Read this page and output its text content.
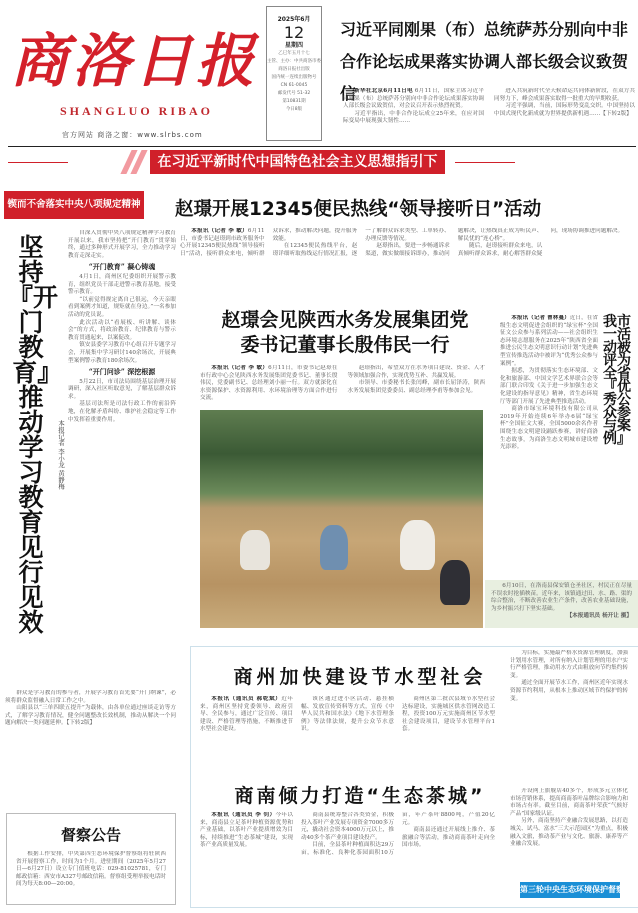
商洛日报
SHANGLUO RIBAO
官方网站 商洛之窗：www.slrbs.com
2025年6月
12
星期四
乙巳年五月十七
主管、主办：中共商洛市委
商洛日报社出版
国内统一连续出版物号
CN 61-0045
邮发代号 51-32
第10831期
今日8版
习近平同刚果（布）总统萨苏分别向中非合作论坛成果落实协调人部长级会议致贺信

新华社北京6月11日电 6月11日，国家主席习近平同刚果（布）总统萨苏分别向中非合作论坛成果落实协调人部长级会议致贺信，对会议召开表示热烈祝贺。

习近平指出，中非合作论坛成立25年来，在应对国际变局中展现强大韧性……

进入共筑新时代全天候命运共同体新阶段，在双方共同努力下，峰会成果落实取得一批重大的早期收获。

习近平强调，当前，国际形势变乱交织。中国坚持以中国式现代化新成就为世界提供新机遇……【下转2版】

在习近平新时代中国特色社会主义思想指引下
锲而不舍落实中央八项规定精神 赵璟开展12345便民热线“领导接听日”活动

本报讯（记者 李 敏）6月11日，市委书记赵璟到市政务服务中心开展12345便民热线“领导接听日”活动，接听群众来电，倾听群众诉求，推动解决问题，提升服务效能。

在12345便民热线平台，赵璟详细听取热线运行情况汇报，逐一了解群众诉求类型、工单转办、办理反馈等情况。

赵璟指出，要进一步畅通诉求渠道，做实做细接诉即办，推动问题解决，让热线真正成为听民声、解民忧的“连心桥”。

随后，赵璟接听群众来电，认真倾听群众诉求，耐心解答群众疑问，现场协调推进问题解决。

坚持『开门教育』推动学习教育见行见效
本报记者 李小龙 黄静梅

自深入贯彻中央八项规定精神学习教育开展以来，我市坚持把“开门教育”贯穿始终，通过多种形式开展学习，全力推动学习教育走深走实。

“开门教育” 凝心铸魂

4月1日，商州区纪委组织开展警示教育，组织党员干部走进警示教育基地，接受警示教育。

“以前觉得规定离自己很远，今天亲眼看到案例才知道，规矩就在身边。”一名参加活动的党员说。

此次活动以“看展板、听讲解、谈体会”的方式，将政治教育、纪律教育与警示教育贯通起来，以案促改。

镇安县委学习教育中心组召开专题学习会，开展集中学习研讨140余场次，开展典型案例警示教育180余场次。

“开门问诊” 深挖根源

5月22日，市司法局围绕基层治理开展调研，深入社区听取意见，了解基层群众诉求。

基层司法所是司法行政工作的前沿阵地，在化解矛盾纠纷、维护社会稳定等工作中发挥着重要作用。

群众是学习教育的参与者，开展学习教育首先要“开门纳谏”，必须将群众监督融入日常工作之中。

山阳县以“三单四联五提升”为载体，由各单位通过座谈走访等方式，了解学习教育情况，健全问题整改长效机制，推动从解决一个问题向解决一类问题延伸。【下转2版】

督察公告

根据工作安排，中央第四生态环境保护督察组将驻陕西省开展督察工作，时间为1个月。进驻期间（2025年5月27日—6月27日）设立专门值班电话：029-81025781，专门邮政信箱：西安市A327号邮政信箱。督察组受理举报电话时间为每天8:00—20:00。

赵璟会见陕西水务发展集团党委书记董事长殷伟民一行

本报讯（记者 李 敏）6月11日，市委书记赵璟在市行政中心会见陕西水务发展集团党委书记、董事长殷伟民，党委副书记、总经理刘小丽一行。双方就深化在水资源保护、水资源利用、水环境治理等方面合作进行交流。

赵璟指出，希望双方在水务项目建设、资金、人才等领域加强合作，实现优势互补、共赢发展。

市领导、市委秘书长张闰峰，副市长屈泽涛，陕西水务发展集团党委委员、副总经理李甫等参加会见。

6月10日，在洛南县保安镇仓圣社区，村民正在尽量不误农时抢插秧苗。近年来，该镇通过田、水、路、渠的综合整治，不断改善农业生产条件，改善农业基础设施，为乡村振兴打下坚实基础。

【本报通讯员 杨开让 摄】

本报讯（记者 曹林蔓）近日，在省级生态文明促进会组织的“绿宝杯”全国征文公众参与系列活动——社会组织生态环境志愿服务在2025年“陕西省全面推进公民生态文明意识行动计划”先进典型宣传推选活动中被评为“优秀公众参与案例”。

据悉，为贯彻落实生态环境部、文化和旅游部、中国文学艺术界联合会等部门联合印发《关于进一步加强生态文化建设的指导意见》精神，省生态环境厅等部门开展了先进典型推选活动。

商洛市绿宝环境科技有限公司从2019年开始连续6年举办6届“绿宝杯”全国征文大赛，全国5000余名作者围绕生态文明建设踊跃参赛，讲好商洛生态故事，为商洛生态文明城市建设增光添彩。

我市一活动被评为全省『优秀公众参与案例』
商州加快建设节水型社会

本报讯（通讯员 郝乾斌）近年来，商州区坚持党委领导、政府引导、全民参与，通过广泛宣传、项目建设、严格管理等措施，不断推进节水型社会建设。

该区通过进小区活动、悬挂横幅、发放宣传资料等方式，宣传《中华人民共和国水法》《地下水管理条例》等法律法规，提升公众节水意识。

商州区第二批次县域节水型社会达标建设，实施城区供水管网改造工程，投资100万元实施商州区节水型社会建设项目，建设节水管理平台1套。

为目标，实施最严格水资源管理制度，加强计划用水管理，对所有纳入计划管理的用水户实行严格管理，推动用水方式由粗放向节约集约转变。

通过全面开展节水工作，商州区近年实现水资源节约利用，从根本上推动区域节约保护的转变。

商南倾力打造“生态茶城”

本报讯（通讯员 李 钊）今年以来，商南县立足茶叶种植资源优势和产业基础，以茶叶产业提质增效为目标，持续推进“生态茶城”建设，实现茶产业高质量发展。

商南县统筹整合各类资金，积极投入茶叶产业发展专项资金7000多万元，撬动社会资本4000万元以上，推动40多个茶产业项目建设投产。

目前，全县茶叶种植面积达29万亩，标准化、良种化茶园面积10万亩，年产茶叶8800吨，产值20亿元。

商南县还通过开展线上推介、茶旅融合等活动，推动商南茶叶走向全国市场。

开设网上旗舰店40多个，形成多元立体化市场营销体系，提高商南茶叶品牌综合影响力和市场占有率。截至目前，商南茶叶荣获“气候好产品”国家级认证。

另外，商南坚持产业融合发展思路，以打造城关、试马、富水“三大示范园区”为重点，积极融入文旅，推动茶产业与文化、旅游、康养等产业融合发展。

第三轮中央生态环境保护督察
